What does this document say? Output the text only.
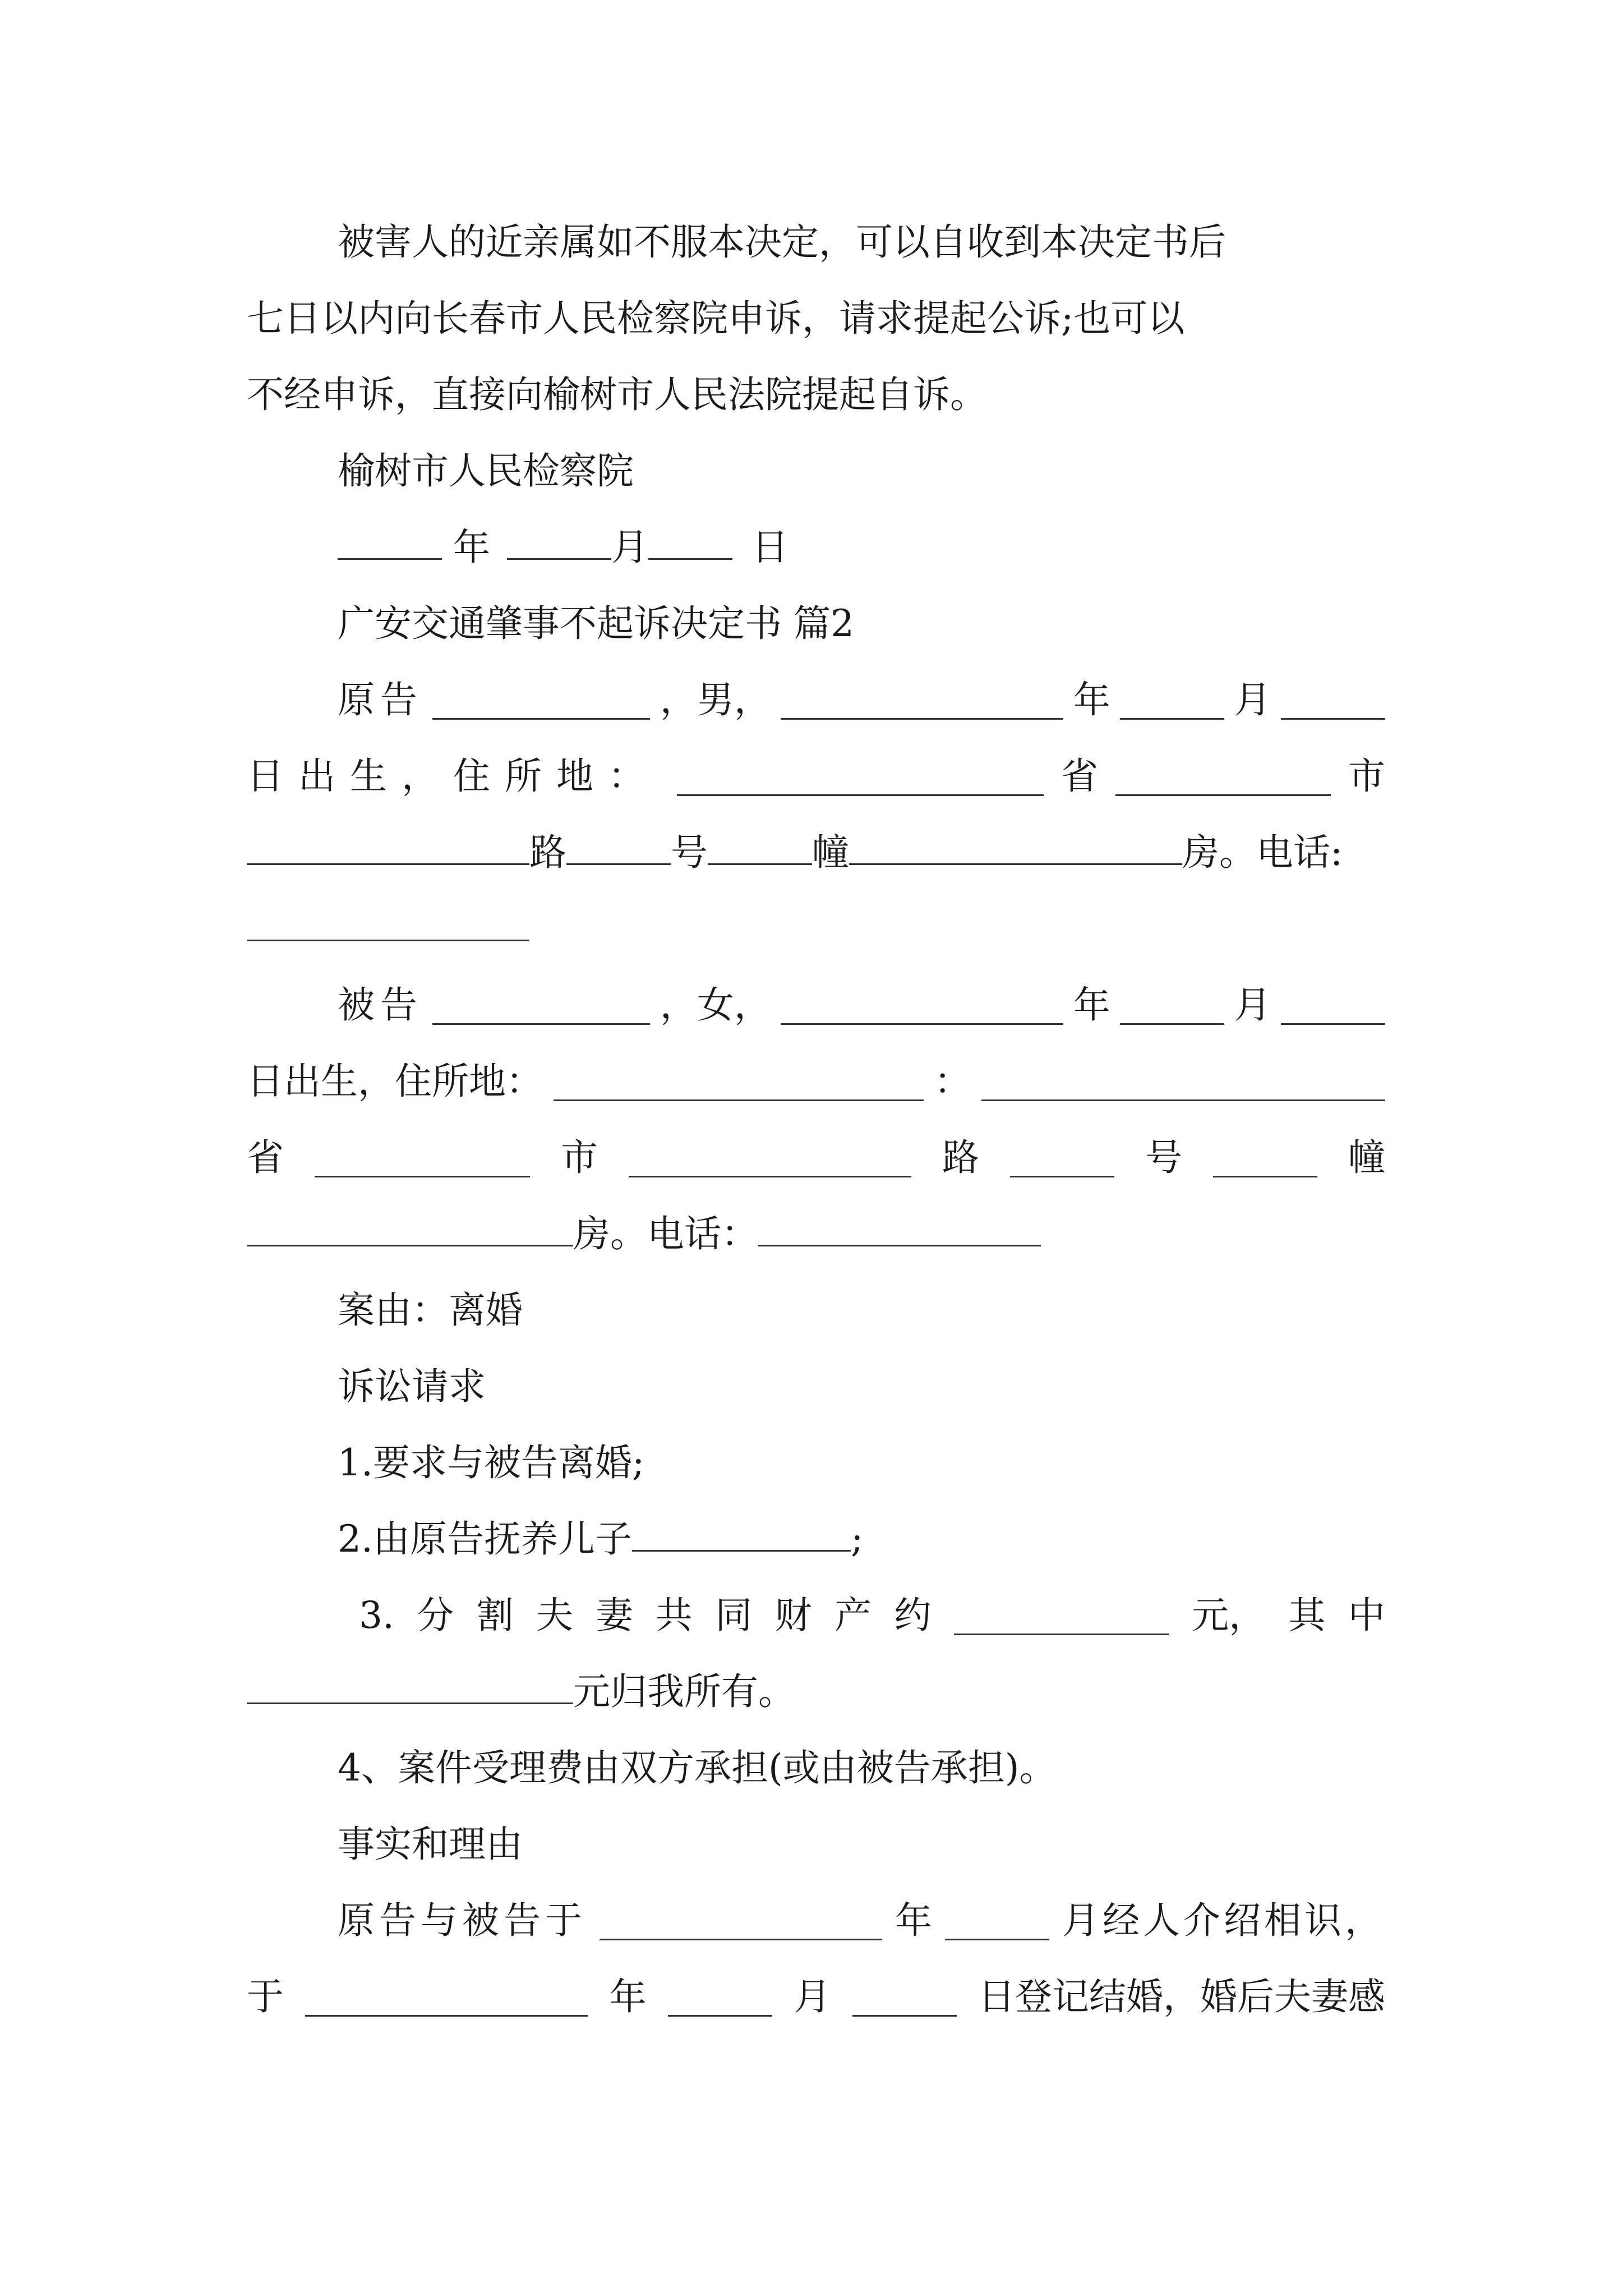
被害人的近亲属如不服本决定，可以自收到本决定书后
七日以内向长春市人民检察院申诉，请求提起公诉;也可以
不经申诉，直接向榆树市人民法院提起自诉。
榆树市人民检察院
年	月	日
广安交通肇事不起诉决定书 篇2
原告	，男，	年	月
日出生，住所地：	省	市
路	号	幢	房。电话:
被告	，女，	年	月
日出生，住所地：	：
省	市	路	号	幢
房。电话：
案由：离婚
诉讼请求
1.要求与被告离婚;
2.由原告抚养儿子	;
3. 分 割 夫 妻 共 同 财 产 约	元， 其 中
元归我所有。
4、案件受理费由双方承担(或由被告承担)。
事实和理由
原告与被告于	年	月经人介绍相识，
于	年	月	日登记结婚，婚后夫妻感
